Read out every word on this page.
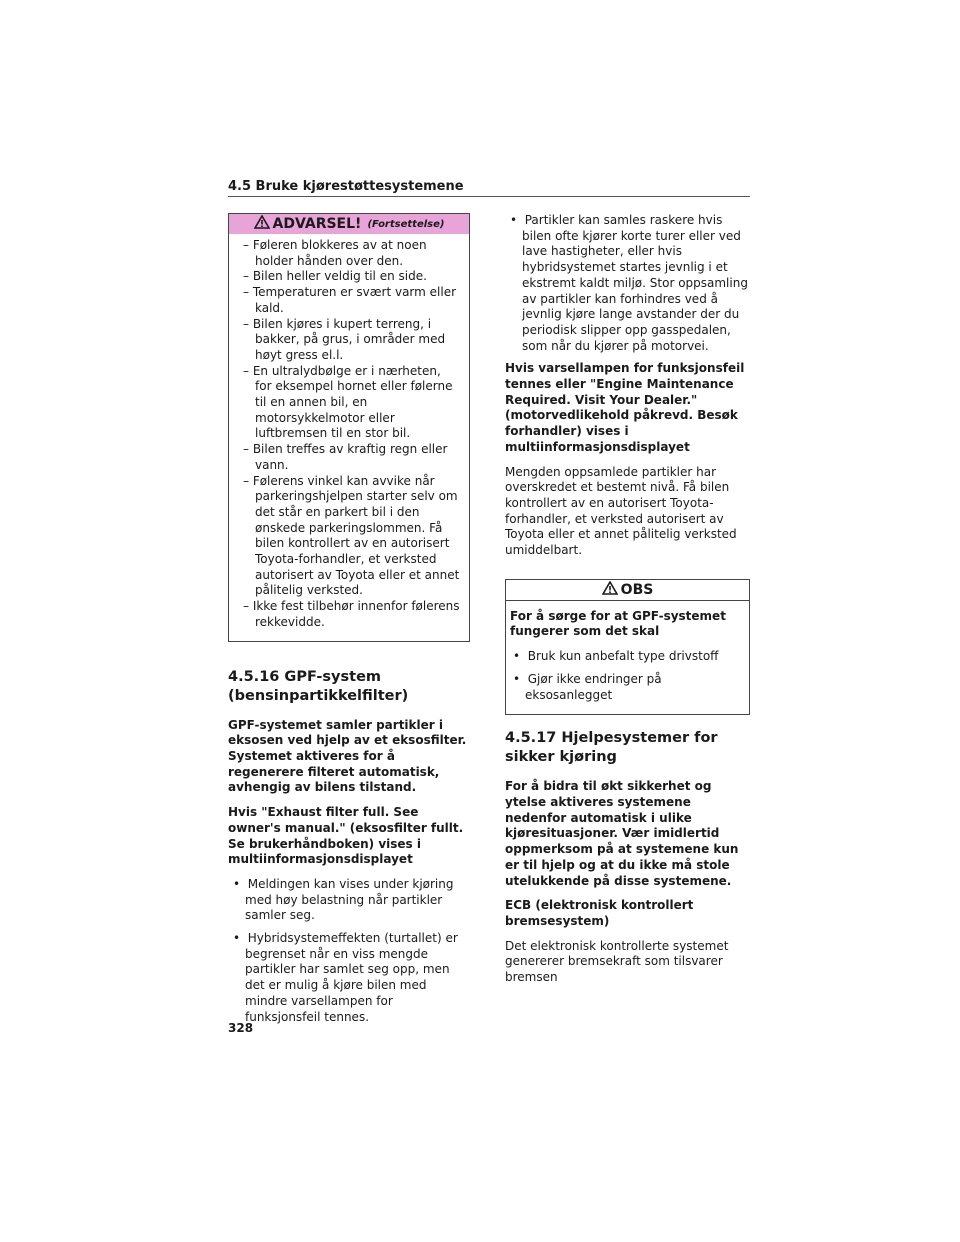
4.5 Bruke kjørestøttesystemene
ADVARSEL! (Fortsettelse)

– Føleren blokkeres av at noen holder hånden over den.

– Bilen heller veldig til en side.

– Temperaturen er svært varm eller kald.

– Bilen kjøres i kupert terreng, i bakker, på grus, i områder med høyt gress el.l.

– En ultralydbølge er i nærheten, for eksempel hornet eller følerne til en annen bil, en motorsykkelmotor eller luftbremsen til en stor bil.

– Bilen treffes av kraftig regn eller vann.

– Følerens vinkel kan avvike når parkeringshjelpen starter selv om det står en parkert bil i den ønskede parkeringslommen. Få bilen kontrollert av en autorisert Toyota-forhandler, et verksted autorisert av Toyota eller et annet pålitelig verksted.

– Ikke fest tilbehør innenfor følerens rekkevidde.

4.5.16 GPF-system (bensinpartikkelfilter)

GPF-systemet samler partikler i eksosen ved hjelp av et eksosfilter. Systemet aktiveres for å regenerere filteret automatisk, avhengig av bilens tilstand.

Hvis "Exhaust filter full. See owner's manual." (eksosfilter fullt. Se brukerhåndboken) vises i multiinformasjonsdisplayet

•  Meldingen kan vises under kjøring med høy belastning når partikler samler seg.

•  Hybridsystemeffekten (turtallet) er begrenset når en viss mengde partikler har samlet seg opp, men det er mulig å kjøre bilen med mindre varsellampen for funksjonsfeil tennes.

•  Partikler kan samles raskere hvis bilen ofte kjører korte turer eller ved lave hastigheter, eller hvis hybridsystemet startes jevnlig i et ekstremt kaldt miljø. Stor oppsamling av partikler kan forhindres ved å jevnlig kjøre lange avstander der du periodisk slipper opp gasspedalen, som når du kjører på motorvei.

Hvis varsellampen for funksjonsfeil tennes eller "Engine Maintenance Required. Visit Your Dealer." (motorvedlikehold påkrevd. Besøk forhandler) vises i multiinformasjonsdisplayet

Mengden oppsamlede partikler har overskredet et bestemt nivå. Få bilen kontrollert av en autorisert Toyota-forhandler, et verksted autorisert av Toyota eller et annet pålitelig verksted umiddelbart.

OBS

For å sørge for at GPF-systemet fungerer som det skal

•  Bruk kun anbefalt type drivstoff

•  Gjør ikke endringer på eksosanlegget

4.5.17 Hjelpesystemer for sikker kjøring

For å bidra til økt sikkerhet og ytelse aktiveres systemene nedenfor automatisk i ulike kjøresituasjoner. Vær imidlertid oppmerksom på at systemene kun er til hjelp og at du ikke må stole utelukkende på disse systemene.

ECB (elektronisk kontrollert bremsesystem)

Det elektronisk kontrollerte systemet genererer bremsekraft som tilsvarer bremsen

328
